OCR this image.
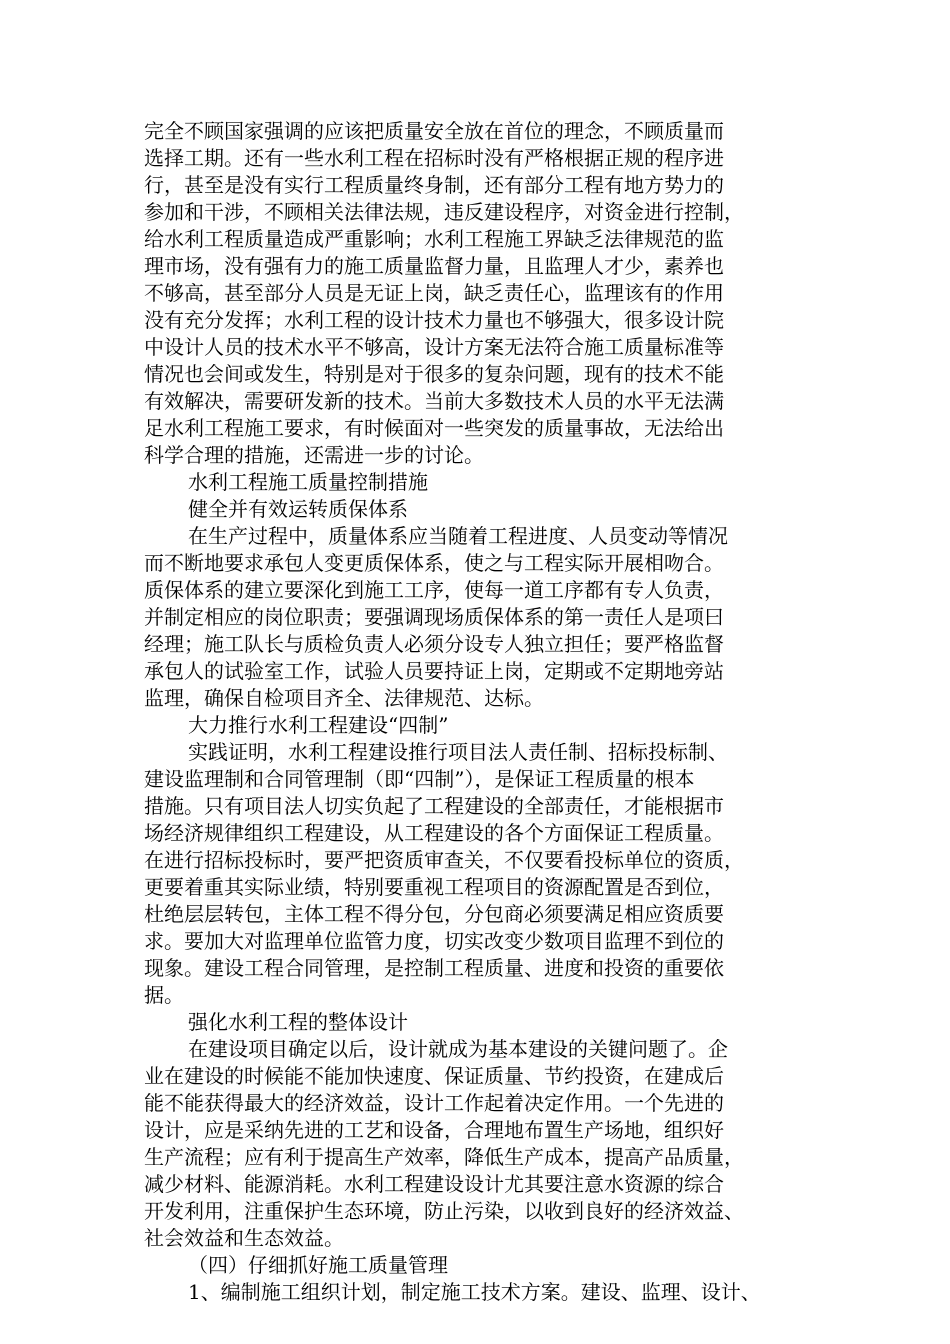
完全不顾国家强调的应该把质量安全放在首位的理念，不顾质量而
选择工期。还有一些水利工程在招标时没有严格根据正规的程序进
行，甚至是没有实行工程质量终身制，还有部分工程有地方势力的
参加和干涉，不顾相关法律法规，违反建设程序，对资金进行控制，
给水利工程质量造成严重影响；水利工程施工界缺乏法律规范的监
理市场，没有强有力的施工质量监督力量，且监理人才少，素养也
不够高，甚至部分人员是无证上岗，缺乏责任心，监理该有的作用
没有充分发挥；水利工程的设计技术力量也不够强大，很多设计院
中设计人员的技术水平不够高，设计方案无法符合施工质量标准等
情况也会间或发生，特别是对于很多的复杂问题，现有的技术不能
有效解决，需要研发新的技术。当前大多数技术人员的水平无法满
足水利工程施工要求，有时候面对一些突发的质量事故，无法给出
科学合理的措施，还需进一步的讨论。
水利工程施工质量控制措施
健全并有效运转质保体系
在生产过程中，质量体系应当随着工程进度、人员变动等情况
而不断地要求承包人变更质保体系，使之与工程实际开展相吻合。
质保体系的建立要深化到施工工序，使每一道工序都有专人负责，
并制定相应的岗位职责；要强调现场质保体系的第一责任人是项曰
经理；施工队长与质检负责人必须分设专人独立担任；要严格监督
承包人的试验室工作，试验人员要持证上岗，定期或不定期地旁站
监理，确保自检项目齐全、法律规范、达标。
大力推行水利工程建设“四制”
实践证明，水利工程建设推行项目法人责任制、招标投标制、
建设监理制和合同管理制（即“四制”），是保证工程质量的根本
措施。只有项目法人切实负起了工程建设的全部责任，才能根据市
场经济规律组织工程建设，从工程建设的各个方面保证工程质量。
在进行招标投标时，要严把资质审查关，不仅要看投标单位的资质，
更要着重其实际业绩，特别要重视工程项目的资源配置是否到位，
杜绝层层转包，主体工程不得分包，分包商必须要满足相应资质要
求。要加大对监理单位监管力度，切实改变少数项目监理不到位的
现象。建设工程合同管理，是控制工程质量、进度和投资的重要依
据。
强化水利工程的整体设计
在建设项目确定以后，设计就成为基本建设的关键问题了。企
业在建设的时候能不能加快速度、保证质量、节约投资，在建成后
能不能获得最大的经济效益，设计工作起着决定作用。一个先进的
设计，应是采纳先进的工艺和设备，合理地布置生产场地，组织好
生产流程；应有利于提高生产效率，降低生产成本，提高产品质量，
减少材料、能源消耗。水利工程建设设计尤其要注意水资源的综合
开发利用，注重保护生态环境，防止污染，以收到良好的经济效益、
社会效益和生态效益。
（四）仔细抓好施工质量管理
1、编制施工组织计划，制定施工技术方案。建设、监理、设计、
